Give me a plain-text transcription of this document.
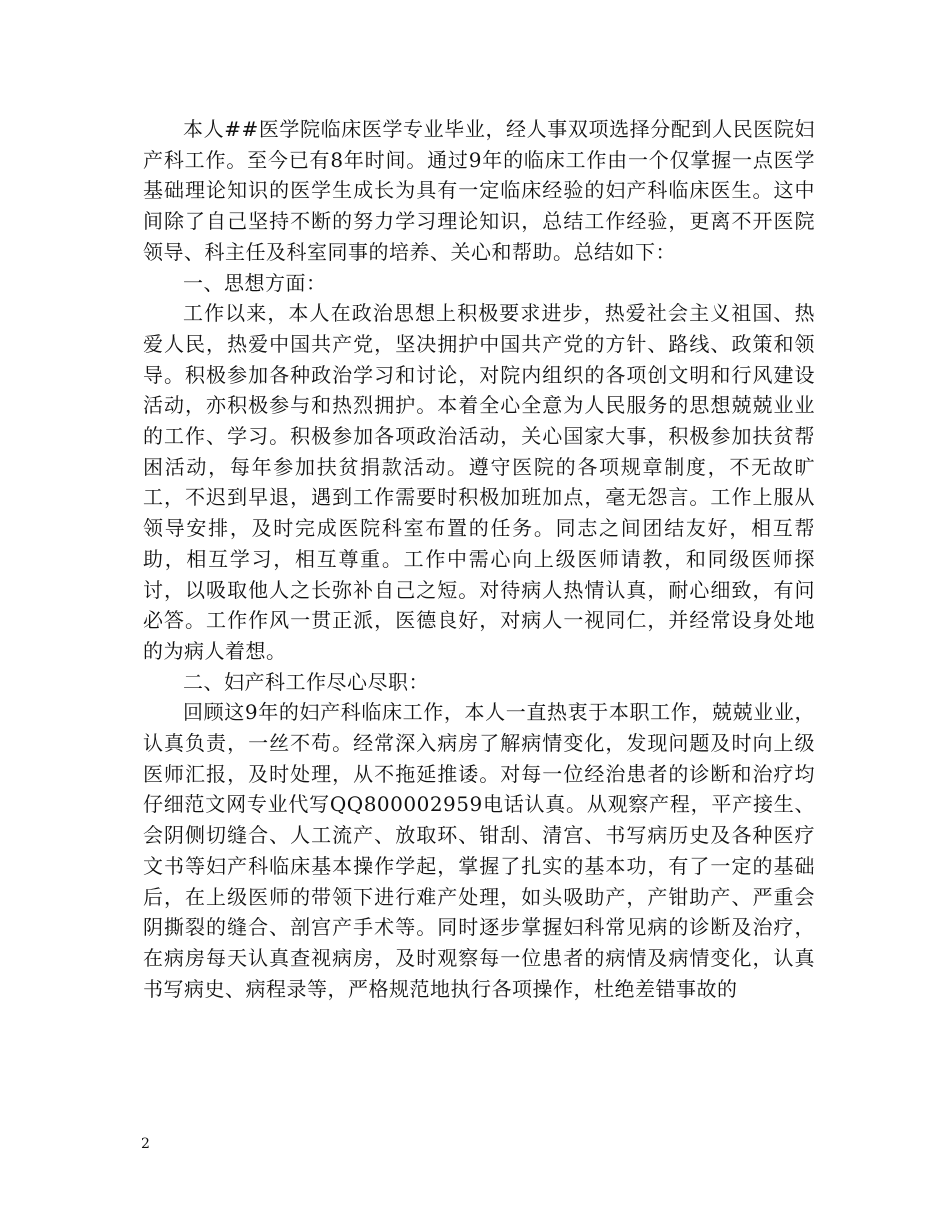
本人##医学院临床医学专业毕业，经人事双项选择分配到人民医院妇产科工作。至今已有8年时间。通过9年的临床工作由一个仅掌握一点医学基础理论知识的医学生成长为具有一定临床经验的妇产科临床医生。这中间除了自己坚持不断的努力学习理论知识，总结工作经验，更离不开医院领导、科主任及科室同事的培养、关心和帮助。总结如下：

一、思想方面：

工作以来，本人在政治思想上积极要求进步，热爱社会主义祖国、热爱人民，热爱中国共产党，坚决拥护中国共产党的方针、路线、政策和领导。积极参加各种政治学习和讨论，对院内组织的各项创文明和行风建设活动，亦积极参与和热烈拥护。本着全心全意为人民服务的思想兢兢业业的工作、学习。积极参加各项政治活动，关心国家大事，积极参加扶贫帮困活动，每年参加扶贫捐款活动。遵守医院的各项规章制度，不无故旷工，不迟到早退，遇到工作需要时积极加班加点，毫无怨言。工作上服从领导安排，及时完成医院科室布置的任务。同志之间团结友好，相互帮助，相互学习，相互尊重。工作中需心向上级医师请教，和同级医师探讨，以吸取他人之长弥补自己之短。对待病人热情认真，耐心细致，有问必答。工作作风一贯正派，医德良好，对病人一视同仁，并经常设身处地的为病人着想。

二、妇产科工作尽心尽职：

回顾这9年的妇产科临床工作，本人一直热衷于本职工作，兢兢业业，认真负责，一丝不苟。经常深入病房了解病情变化，发现问题及时向上级医师汇报，及时处理，从不拖延推诿。对每一位经治患者的诊断和治疗均仔细范文网专业代写QQ800002959电话认真。从观察产程，平产接生、会阴侧切缝合、人工流产、放取环、钳刮、清宫、书写病历史及各种医疗文书等妇产科临床基本操作学起，掌握了扎实的基本功，有了一定的基础后，在上级医师的带领下进行难产处理，如头吸助产，产钳助产、严重会阴撕裂的缝合、剖宫产手术等。同时逐步掌握妇科常见病的诊断及治疗，在病房每天认真查视病房，及时观察每一位患者的病情及病情变化，认真书写病史、病程录等，严格规范地执行各项操作，杜绝差错事故的

2
